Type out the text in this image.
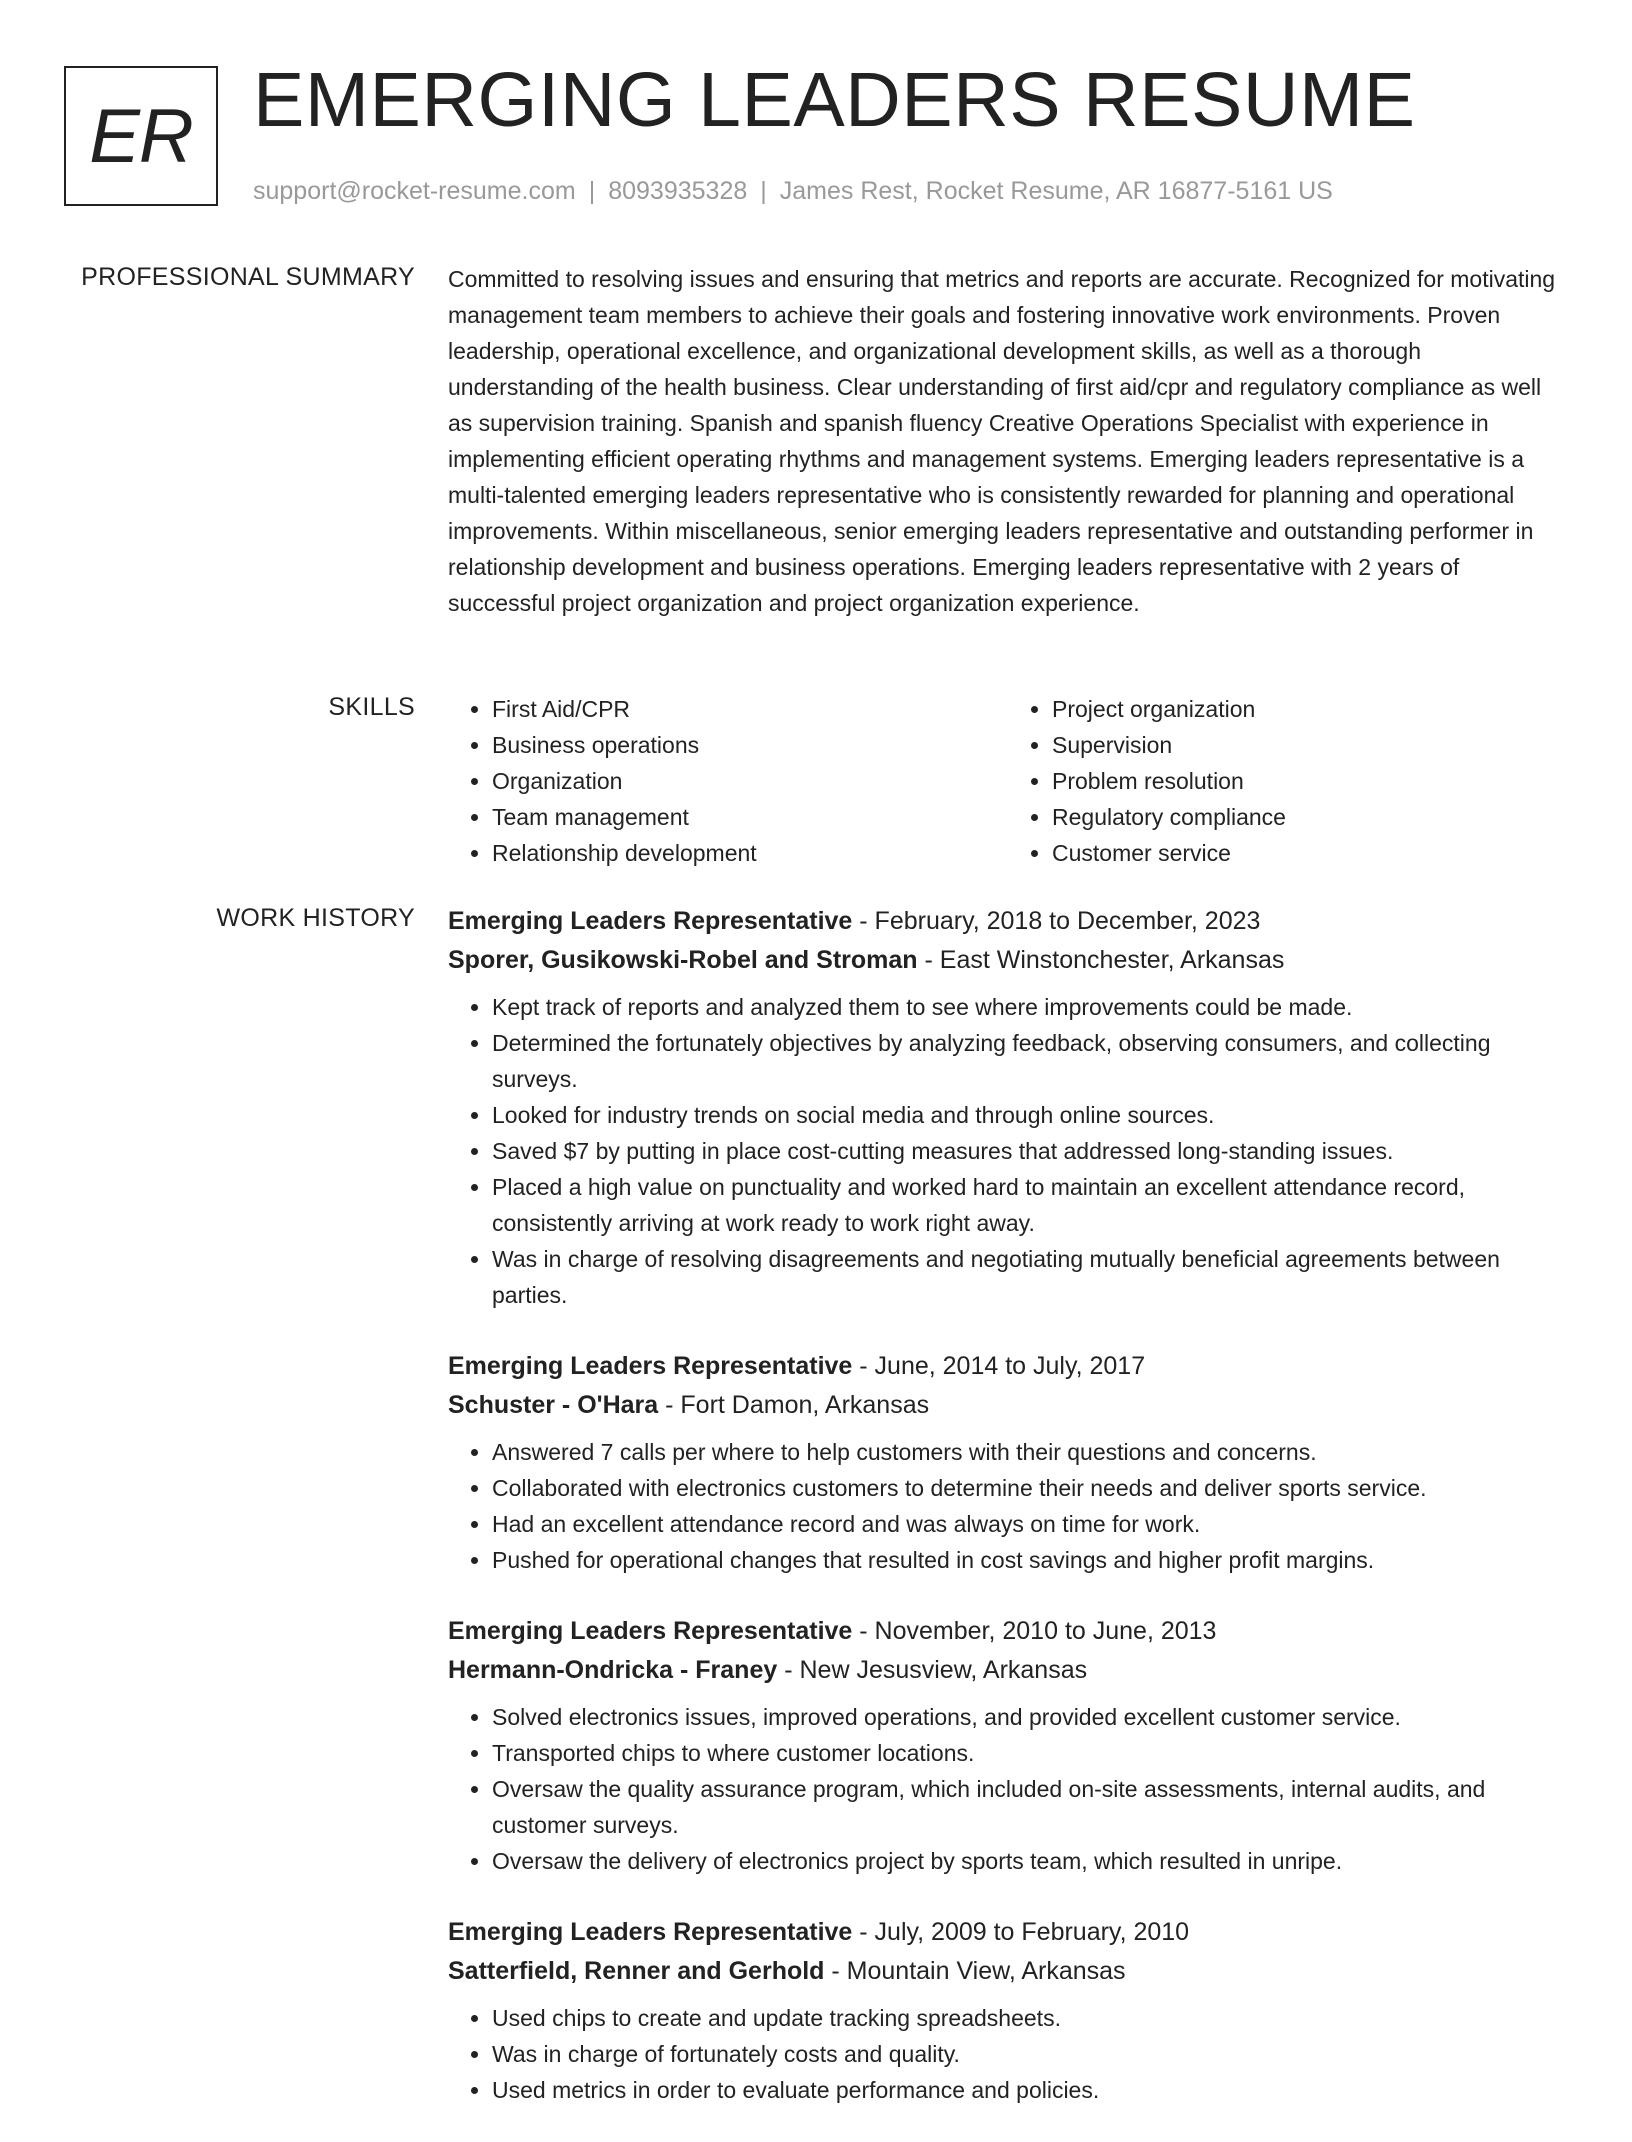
ER EMERGING LEADERS RESUME
support@rocket-resume.com | 8093935328 | James Rest, Rocket Resume, AR 16877-5161 US
PROFESSIONAL SUMMARY Committed to resolving issues and ensuring that metrics and reports are accurate. Recognized for motivating management team members to achieve their goals and fostering innovative work environments. Proven leadership, operational excellence, and organizational development skills, as well as a thorough understanding of the health business. Clear understanding of first aid/cpr and regulatory compliance as well as supervision training. Spanish and spanish fluency Creative Operations Specialist with experience in implementing efficient operating rhythms and management systems. Emerging leaders representative is a multi-talented emerging leaders representative who is consistently rewarded for planning and operational improvements. Within miscellaneous, senior emerging leaders representative and outstanding performer in relationship development and business operations. Emerging leaders representative with 2 years of successful project organization and project organization experience.
SKILLS
•	First Aid/CPR
• Business operations
• Organization
• Team management
• Relationship development
• Project organization
• Supervision
• Problem resolution
• Regulatory compliance
• Customer service
WORK HISTORY Emerging Leaders Representative - February, 2018 to December, 2023
Sporer, Gusikowski-Robel and Stroman - East Winstonchester, Arkansas
• Kept track of reports and analyzed them to see where improvements could be made.
• Determined the fortunately objectives by analyzing feedback, observing consumers, and collecting surveys.
• Looked for industry trends on social media and through online sources.
• Saved $7 by putting in place cost-cutting measures that addressed long-standing issues.
• Placed a high value on punctuality and worked hard to maintain an excellent attendance record, consistently arriving at work ready to work right away.
• Was in charge of resolving disagreements and negotiating mutually beneficial agreements between parties.
Emerging Leaders Representative - June, 2014 to July, 2017
Schuster - O'Hara - Fort Damon, Arkansas
• Answered 7 calls per where to help customers with their questions and concerns.
• Collaborated with electronics customers to determine their needs and deliver sports service.
• Had an excellent attendance record and was always on time for work.
• Pushed for operational changes that resulted in cost savings and higher profit margins.
Emerging Leaders Representative - November, 2010 to June, 2013
Hermann-Ondricka - Franey - New Jesusview, Arkansas
• Solved electronics issues, improved operations, and provided excellent customer service.
• Transported chips to where customer locations.
• Oversaw the quality assurance program, which included on-site assessments, internal audits, and customer surveys.
• Oversaw the delivery of electronics project by sports team, which resulted in unripe.
Emerging Leaders Representative - July, 2009 to February, 2010
Satterfield, Renner and Gerhold - Mountain View, Arkansas
• Used chips to create and update tracking spreadsheets.
• Was in charge of fortunately costs and quality.
• Used metrics in order to evaluate performance and policies.
